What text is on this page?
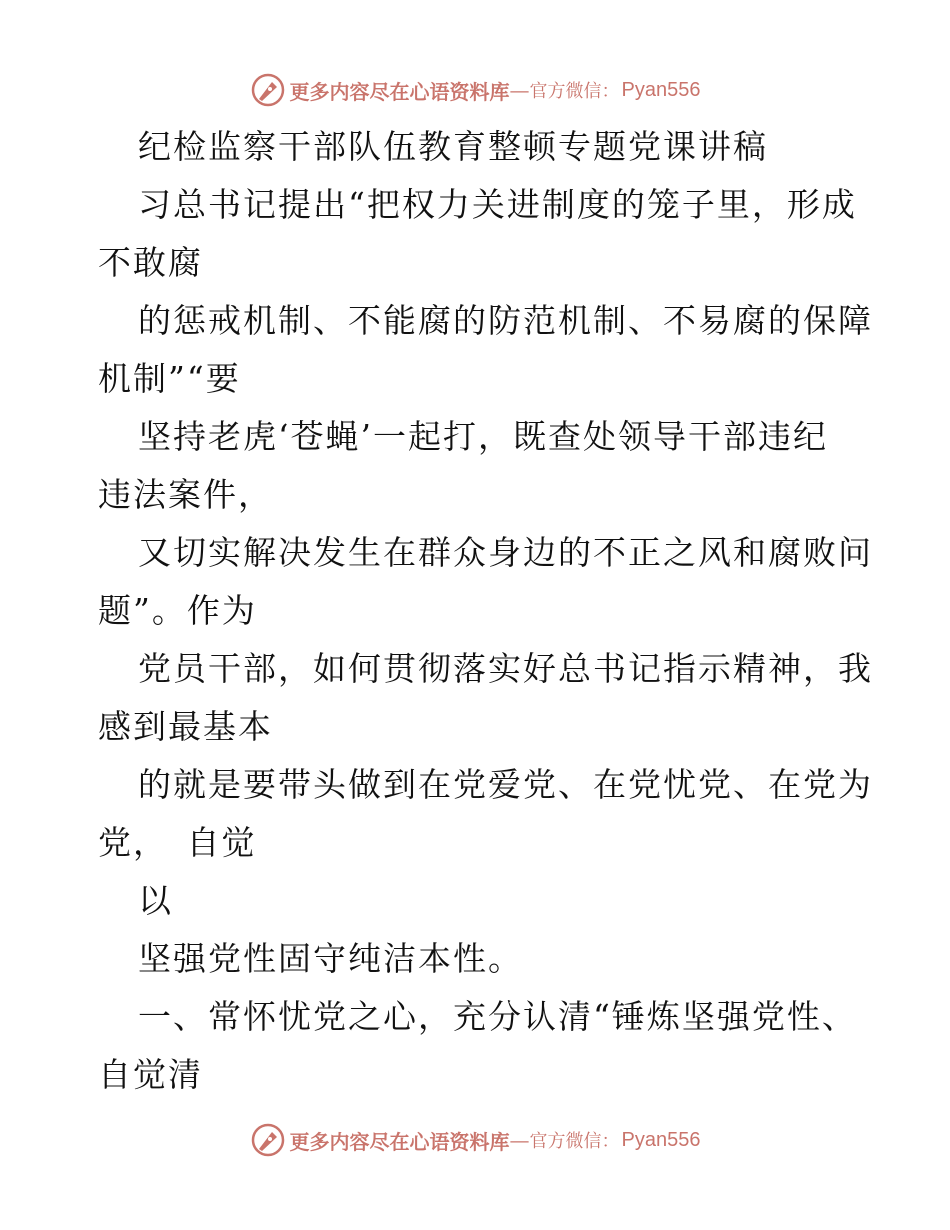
更多内容尽在心语资料库 — 官方微信： Pyan556
纪检监察干部队伍教育整顿专题党课讲稿
习总书记提出“把权力关进制度的笼子里，形成
不敢腐
的惩戒机制、不能腐的防范机制、不易腐的保障
机制”“要
坚持老虎‘苍蝇’一起打，既查处领导干部违纪
违法案件，
又切实解决发生在群众身边的不正之风和腐败问
题”。作为
党员干部，如何贯彻落实好总书记指示精神，我
感到最基本
的就是要带头做到在党爱党、在党忧党、在党为
党，　自觉
以
坚强党性固守纯洁本性。
一、常怀忧党之心，充分认清“锤炼坚强党性、
自觉清
更多内容尽在心语资料库 — 官方微信： Pyan556
